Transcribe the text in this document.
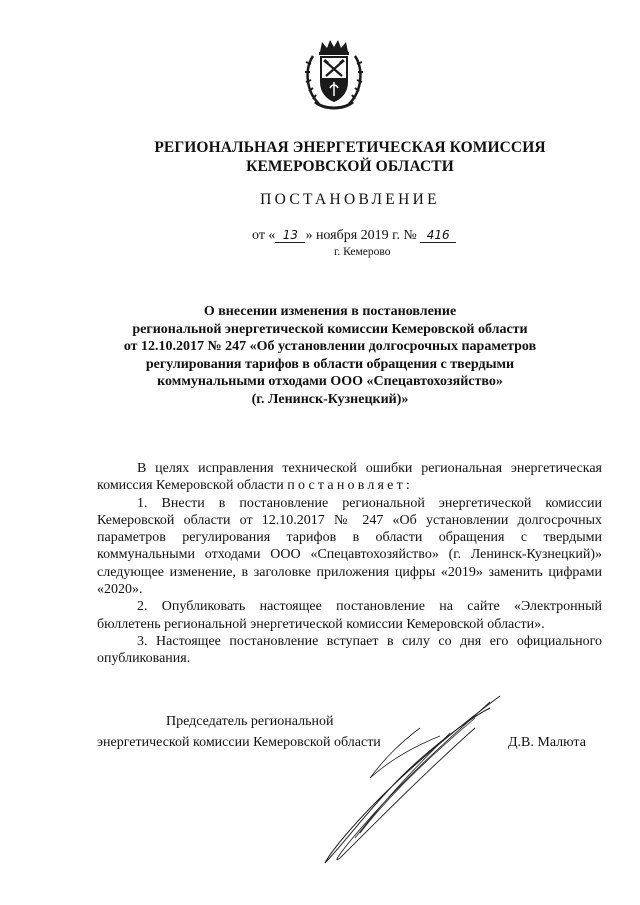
РЕГИОНАЛЬНАЯ ЭНЕРГЕТИЧЕСКАЯ КОМИССИЯ
КЕМЕРОВСКОЙ ОБЛАСТИ
ПОСТАНОВЛЕНИЕ
от « 13 » ноября 2019 г. № 416
г. Кемерово
О внесении изменения в постановление
региональной энергетической комиссии Кемеровской области
от 12.10.2017 № 247 «Об установлении долгосрочных параметров
регулирования тарифов в области обращения с твердыми
коммунальными отходами ООО «Спецавтохозяйство»
(г. Ленинск-Кузнецкий)»

В целях исправления технической ошибки региональная энергетическая комиссия Кемеровской области постановляет:

1. Внести в постановление региональной энергетической комиссии Кемеровской области от 12.10.2017 № 247 «Об установлении долгосрочных параметров регулирования тарифов в области обращения с твердыми коммунальными отходами ООО «Спецавтохозяйство» (г. Ленинск-Кузнецкий)» следующее изменение, в заголовке приложения цифры «2019» заменить цифрами «2020».

2. Опубликовать настоящее постановление на сайте «Электронный бюллетень региональной энергетической комиссии Кемеровской области».

3. Настоящее постановление вступает в силу со дня его официального опубликования.

Председатель региональной
энергетической комиссии Кемеровской области	Д.В. Малюта
